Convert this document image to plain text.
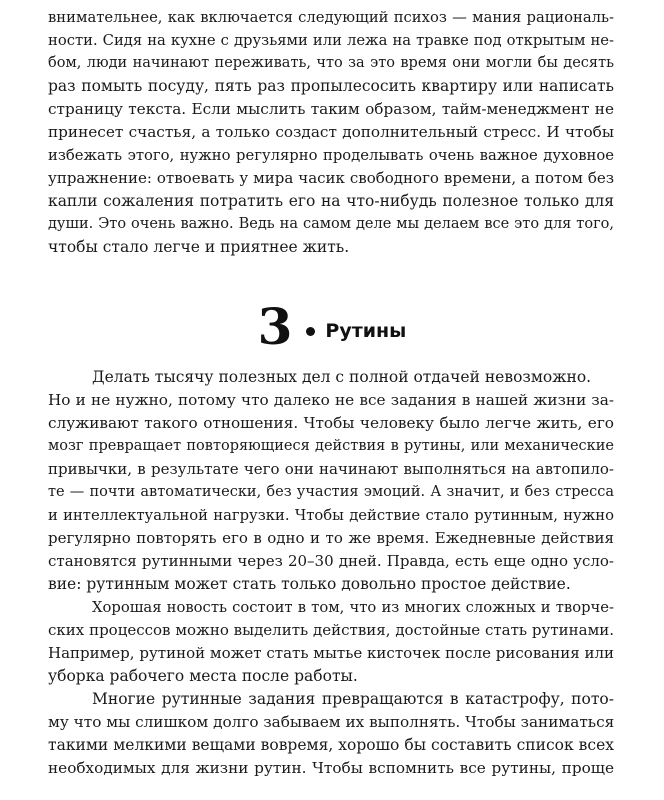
внимательнее, как включается следующий психоз — мания рациональ-
ности. Сидя на кухне с друзьями или лежа на травке под открытым не-
бом, люди начинают переживать, что за это время они могли бы десять
раз помыть посуду, пять раз пропылесосить квартиру или написать
страницу текста. Если мыслить таким образом, тайм-менеджмент не
принесет счастья, а только создаст дополнительный стресс. И чтобы
избежать этого, нужно регулярно проделывать очень важное духовное
упражнение: отвоевать у мира часик свободного времени, а потом без
капли сожаления потратить его на что-нибудь полезное только для
души. Это очень важно. Ведь на самом деле мы делаем все это для того,
чтобы стало легче и приятнее жить.
3 Рутины
Делать тысячу полезных дел с полной отдачей невозможно.
Но и не нужно, потому что далеко не все задания в нашей жизни за-
служивают такого отношения. Чтобы человеку было легче жить, его
мозг превращает повторяющиеся действия в рутины, или механические
привычки, в результате чего они начинают выполняться на автопило-
те — почти автоматически, без участия эмоций. А значит, и без стресса
и интеллектуальной нагрузки. Чтобы действие стало рутинным, нужно
регулярно повторять его в одно и то же время. Ежедневные действия
становятся рутинными через 20–30 дней. Правда, есть еще одно усло-
вие: рутинным может стать только довольно простое действие.
Хорошая новость состоит в том, что из многих сложных и творче-
ских процессов можно выделить действия, достойные стать рутинами.
Например, рутиной может стать мытье кисточек после рисования или
уборка рабочего места после работы.
Многие рутинные задания превращаются в катастрофу, пото-
му что мы слишком долго забываем их выполнять. Чтобы заниматься
такими мелкими вещами вовремя, хорошо бы составить список всех
необходимых для жизни рутин. Чтобы вспомнить все рутины, проще
